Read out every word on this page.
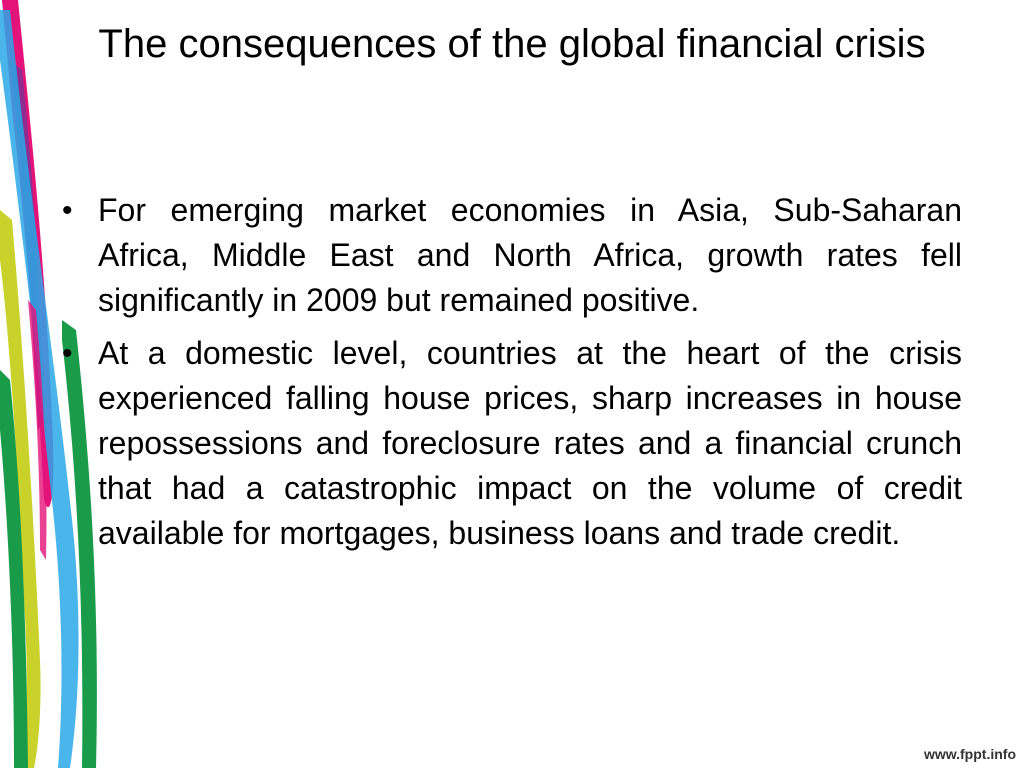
The consequences of the global financial crisis
• For emerging market economies in Asia, Sub-Saharan Africa, Middle East and North Africa, growth rates fell significantly in 2009 but remained positive.
• At a domestic level, countries at the heart of the crisis experienced falling house prices, sharp increases in house repossessions and foreclosure rates and a financial crunch that had a catastrophic impact on the volume of credit available for mortgages, business loans and trade credit.
www.fppt.info
